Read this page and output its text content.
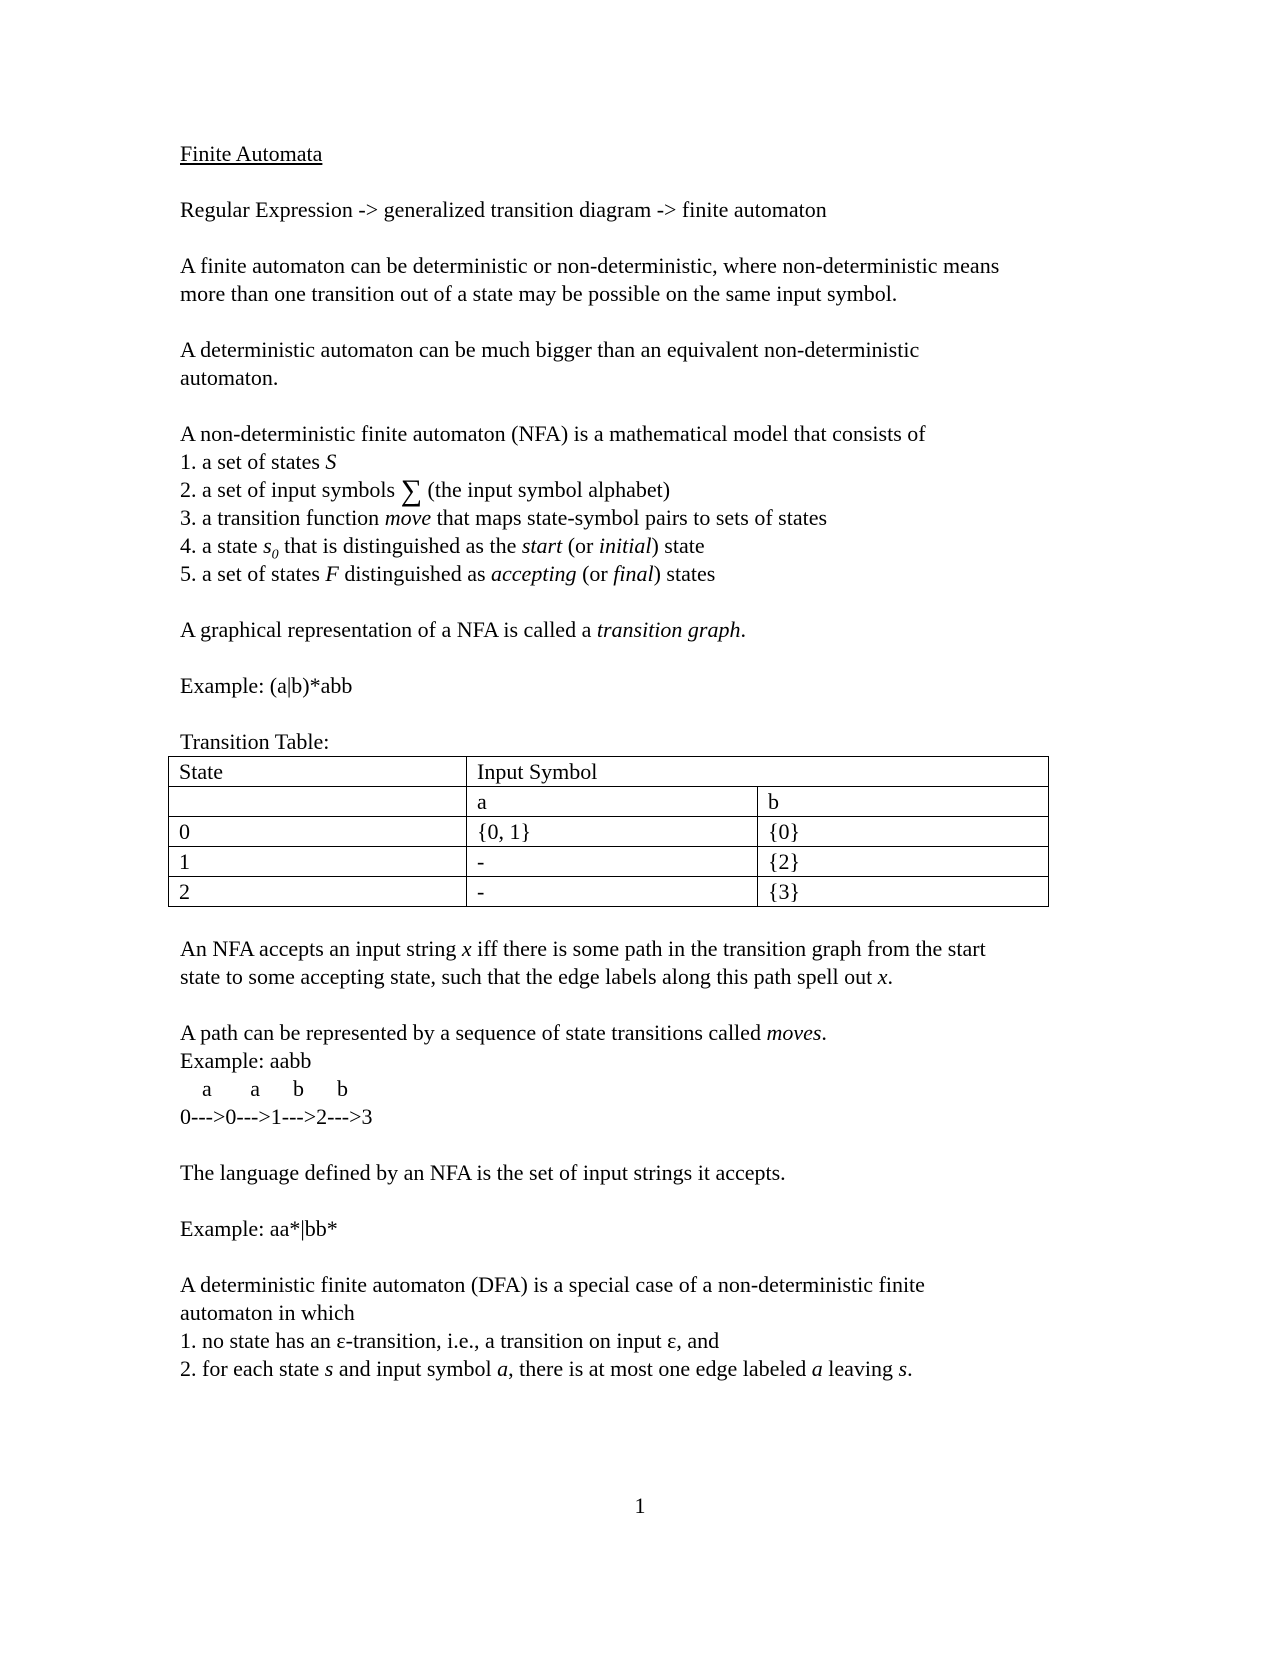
Finite Automata

Regular Expression -> generalized transition diagram -> finite automaton

A finite automaton can be deterministic or non-deterministic, where non-deterministic means more than one transition out of a state may be possible on the same input symbol.

A deterministic automaton can be much bigger than an equivalent non-deterministic automaton.

A non-deterministic finite automaton (NFA) is a mathematical model that consists of

1. a set of states S

2. a set of input symbols ∑ (the input symbol alphabet)

3. a transition function move that maps state-symbol pairs to sets of states

4. a state $s_0$ that is distinguished as the start (or initial) state

5. a set of states F distinguished as accepting (or final) states

A graphical representation of a NFA is called a transition graph.

Example: (a|b)*abb

Transition Table:

State	Input Symbol	
	a	b
0	{0, 1}	{0}
1	-	{2}
2	-	{3}

An NFA accepts an input string x iff there is some path in the transition graph from the start state to some accepting state, such that the edge labels along this path spell out x.

A path can be represented by a sequence of state transitions called moves.

Example: aabb

a       a      b      b

0--->0--->1--->2--->3

The language defined by an NFA is the set of input strings it accepts.

Example: aa*|bb*

A deterministic finite automaton (DFA) is a special case of a non-deterministic finite automaton in which

1. no state has an ε-transition, i.e., a transition on input ε, and

2. for each state s and input symbol a, there is at most one edge labeled a leaving s.

1
